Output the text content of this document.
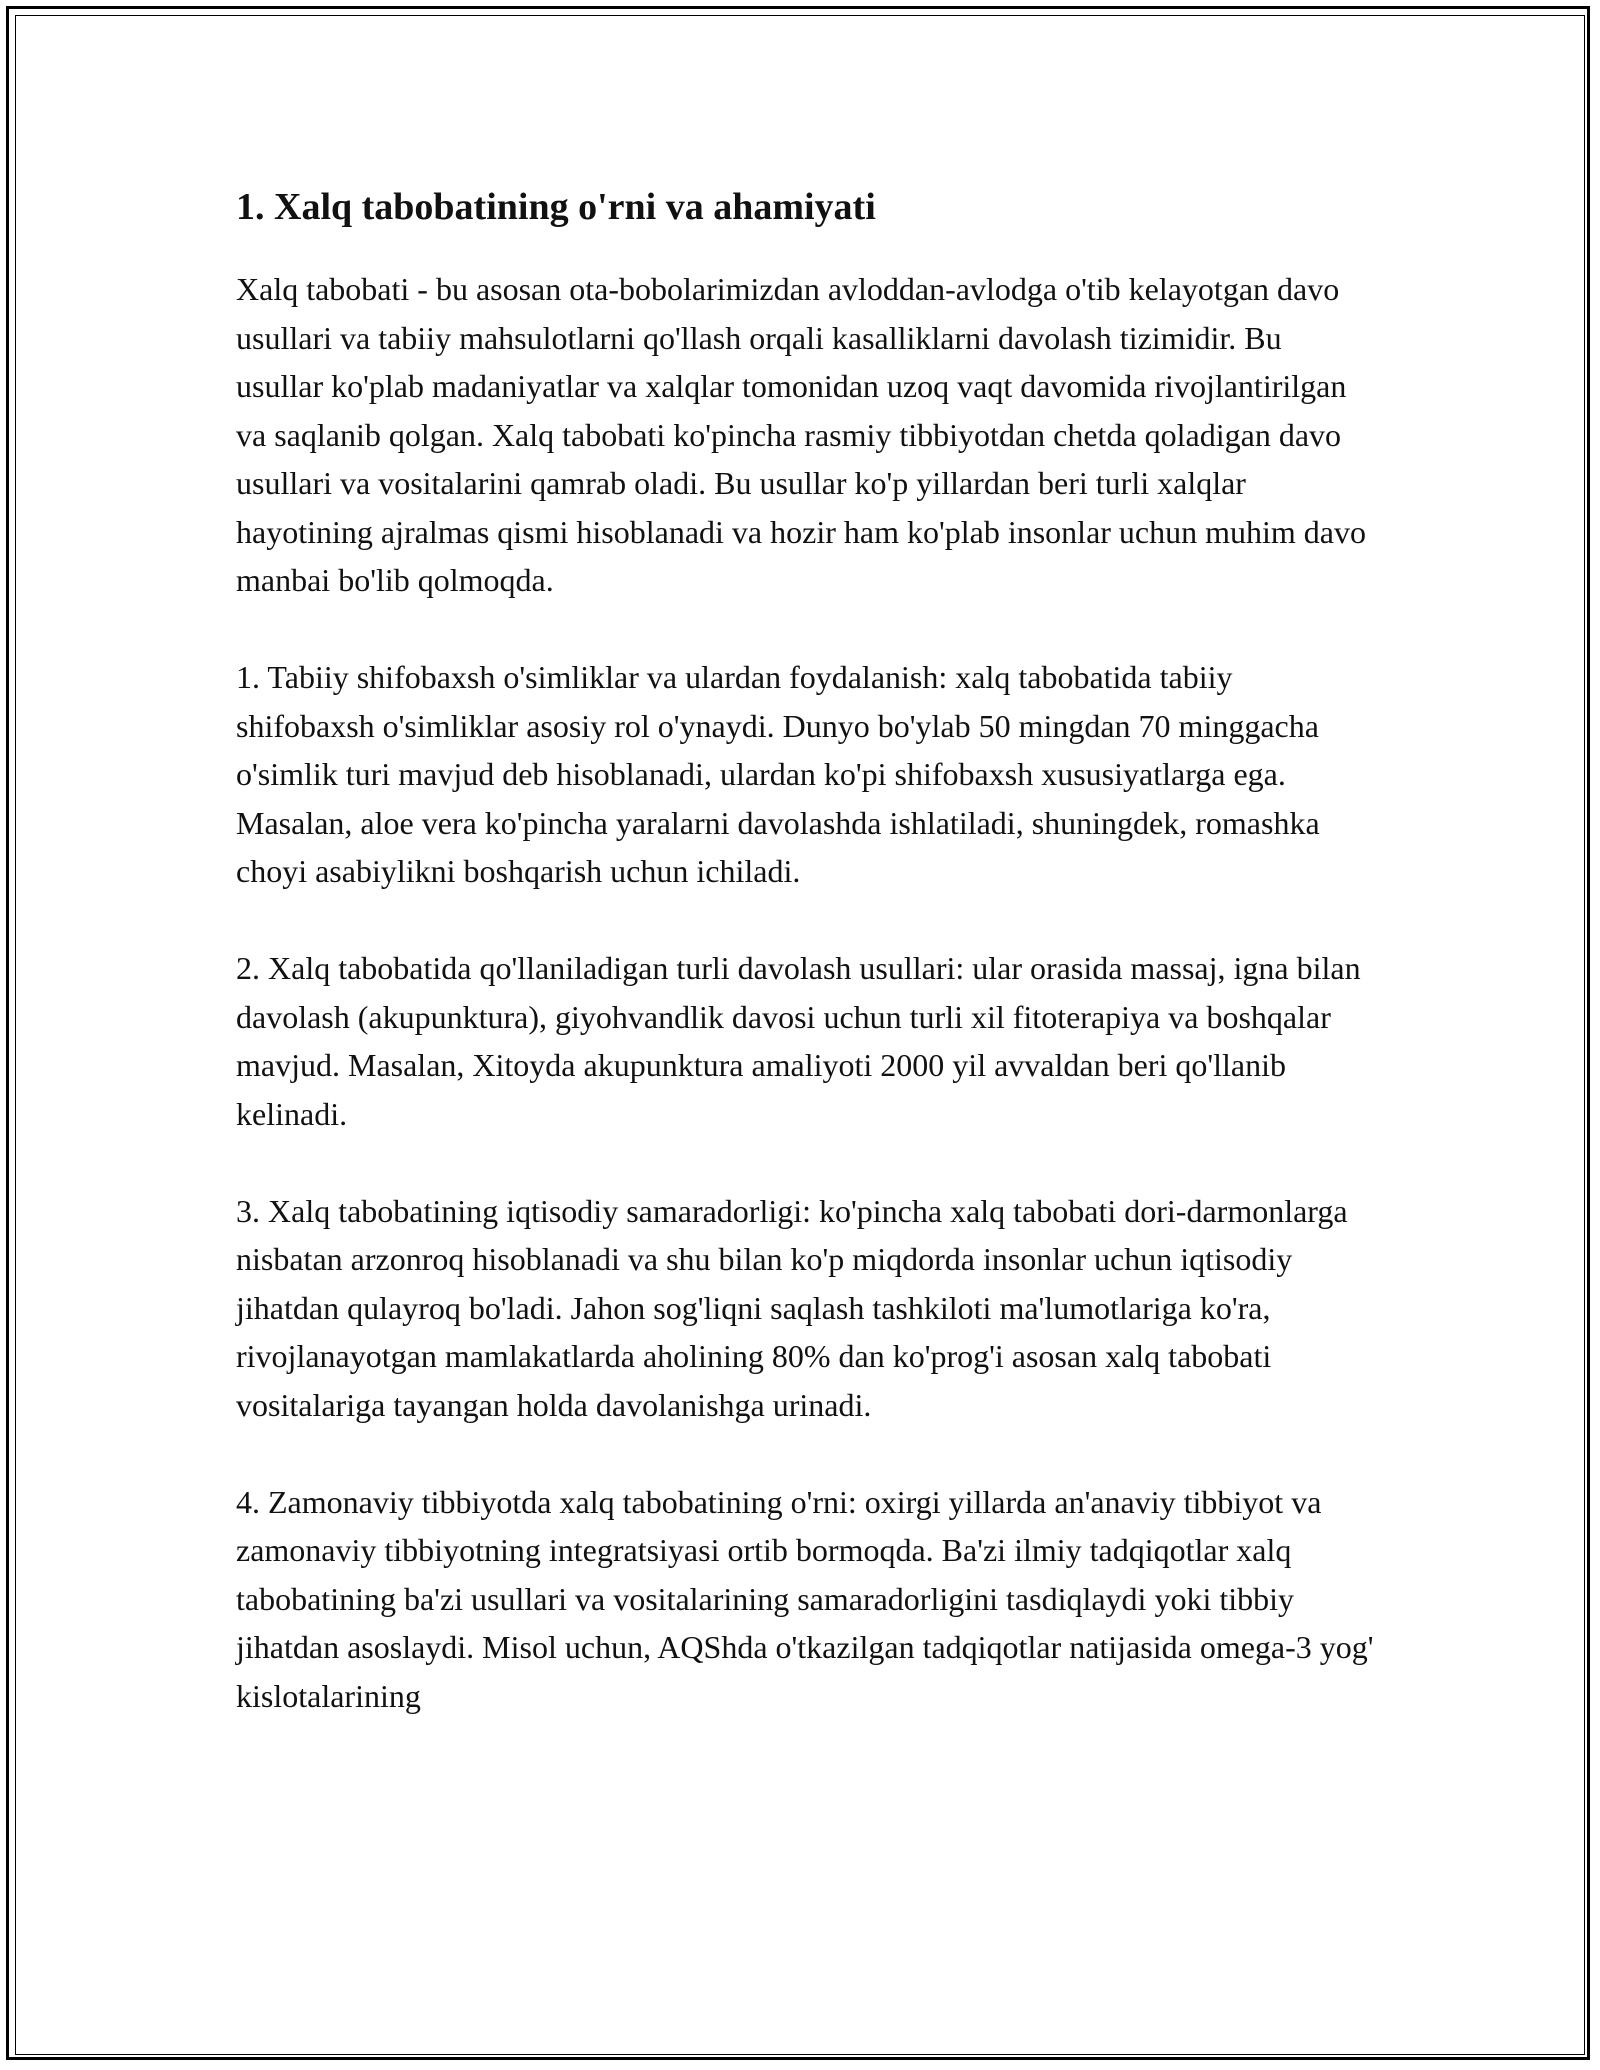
1. Xalq tabobatining o'rni va ahamiyati

Xalq tabobati - bu asosan ota-bobolarimizdan avloddan-avlodga o'tib kelayotgan davo usullari va tabiiy mahsulotlarni qo'llash orqali kasalliklarni davolash tizimidir. Bu usullar ko'plab madaniyatlar va xalqlar tomonidan uzoq vaqt davomida rivojlantirilgan va saqlanib qolgan. Xalq tabobati ko'pincha rasmiy tibbiyotdan chetda qoladigan davo usullari va vositalarini qamrab oladi. Bu usullar ko'p yillardan beri turli xalqlar hayotining ajralmas qismi hisoblanadi va hozir ham ko'plab insonlar uchun muhim davo manbai bo'lib qolmoqda.

1. Tabiiy shifobaxsh o'simliklar va ulardan foydalanish: xalq tabobatida tabiiy shifobaxsh o'simliklar asosiy rol o'ynaydi. Dunyo bo'ylab 50 mingdan 70 minggacha o'simlik turi mavjud deb hisoblanadi, ulardan ko'pi shifobaxsh xususiyatlarga ega. Masalan, aloe vera ko'pincha yaralarni davolashda ishlatiladi, shuningdek, romashka choyi asabiylikni boshqarish uchun ichiladi.

2. Xalq tabobatida qo'llaniladigan turli davolash usullari: ular orasida massaj, igna bilan davolash (akupunktura), giyohvandlik davosi uchun turli xil fitoterapiya va boshqalar mavjud. Masalan, Xitoyda akupunktura amaliyoti 2000 yil avvaldan beri qo'llanib kelinadi.

3. Xalq tabobatining iqtisodiy samaradorligi: ko'pincha xalq tabobati dori-darmonlarga nisbatan arzonroq hisoblanadi va shu bilan ko'p miqdorda insonlar uchun iqtisodiy jihatdan qulayroq bo'ladi. Jahon sog'liqni saqlash tashkiloti ma'lumotlariga ko'ra, rivojlanayotgan mamlakatlarda aholining 80% dan ko'prog'i asosan xalq tabobati vositalariga tayangan holda davolanishga urinadi.

4. Zamonaviy tibbiyotda xalq tabobatining o'rni: oxirgi yillarda an'anaviy tibbiyot va zamonaviy tibbiyotning integratsiyasi ortib bormoqda. Ba'zi ilmiy tadqiqotlar xalq tabobatining ba'zi usullari va vositalarining samaradorligini tasdiqlaydi yoki tibbiy jihatdan asoslaydi. Misol uchun, AQShda o'tkazilgan tadqiqotlar natijasida omega-3 yog' kislotalarining
